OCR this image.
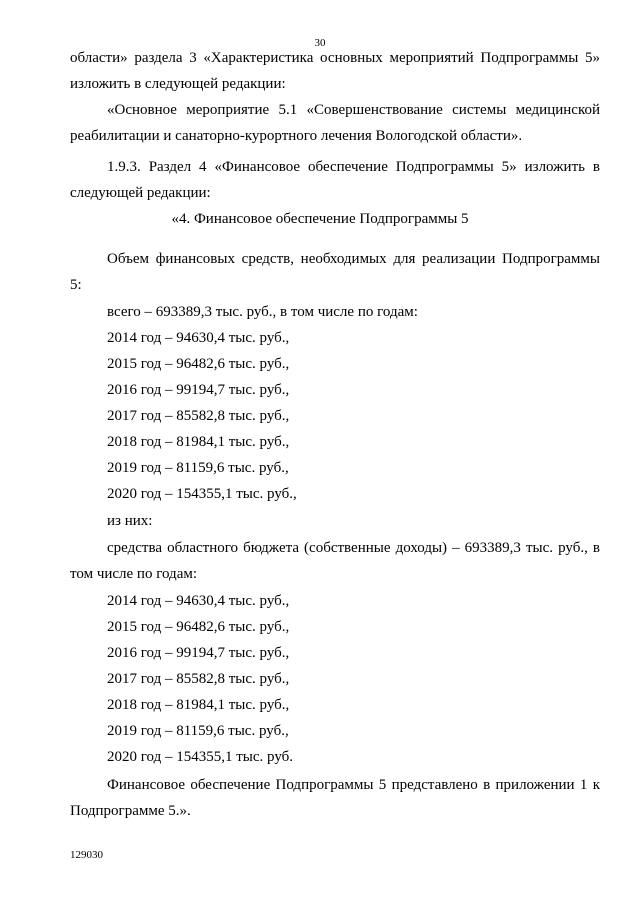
30
области» раздела 3 «Характеристика основных мероприятий Подпрограммы 5»
изложить в следующей редакции:
«Основное мероприятие 5.1 «Совершенствование системы медицинской
реабилитации и санаторно-курортного лечения Вологодской области».
1.9.3. Раздел 4 «Финансовое обеспечение Подпрограммы 5» изложить в
следующей редакции:
«4. Финансовое обеспечение Подпрограммы 5
Объем финансовых средств, необходимых для реализации Подпрограммы
5:
всего – 693389,3 тыс. руб., в том числе по годам:
2014 год – 94630,4 тыс. руб.,
2015 год – 96482,6 тыс. руб.,
2016 год – 99194,7 тыс. руб.,
2017 год – 85582,8 тыс. руб.,
2018 год – 81984,1 тыс. руб.,
2019 год – 81159,6 тыс. руб.,
2020 год – 154355,1 тыс. руб.,
из них:
средства областного бюджета (собственные доходы) – 693389,3 тыс. руб., в
том числе по годам:
2014 год – 94630,4 тыс. руб.,
2015 год – 96482,6 тыс. руб.,
2016 год – 99194,7 тыс. руб.,
2017 год – 85582,8 тыс. руб.,
2018 год – 81984,1 тыс. руб.,
2019 год – 81159,6 тыс. руб.,
2020 год – 154355,1 тыс. руб.
Финансовое обеспечение Подпрограммы 5 представлено в приложении 1 к
Подпрограмме 5.».
129030
